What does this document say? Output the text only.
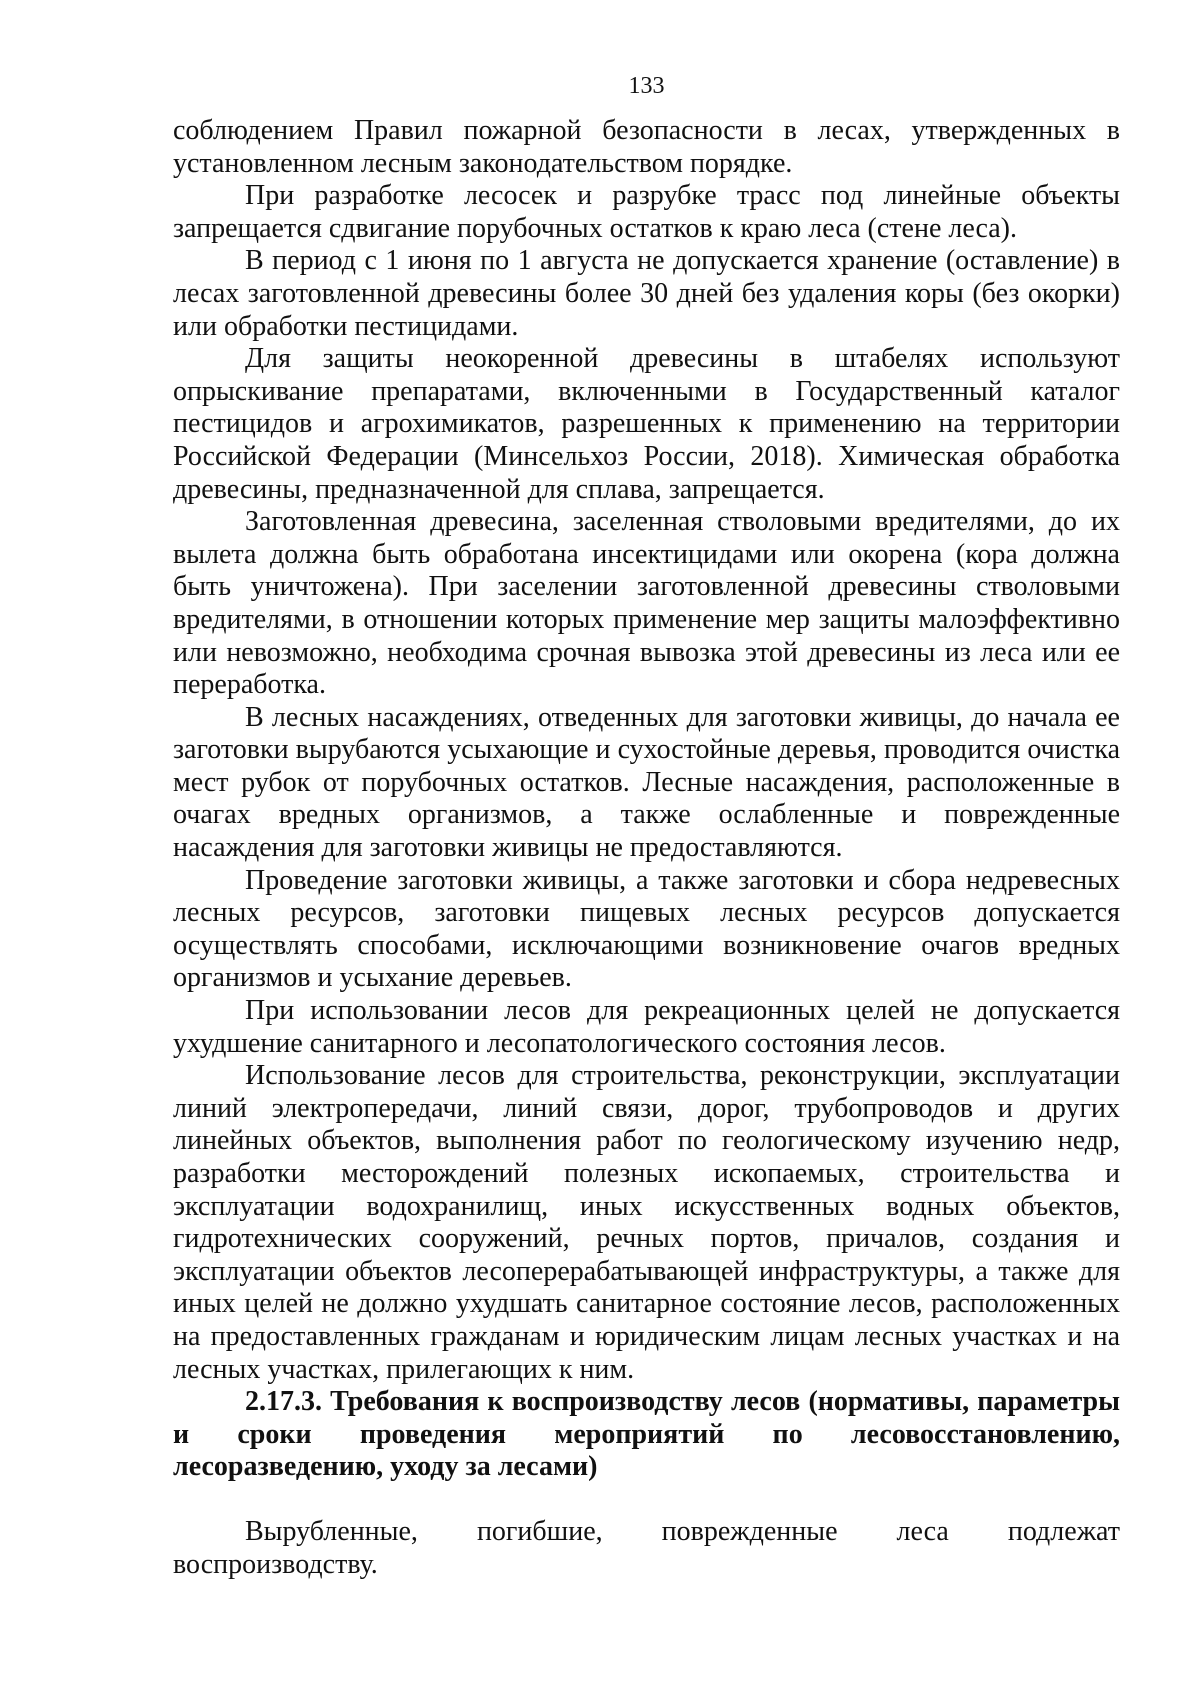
133

соблюдением Правил пожарной безопасности в лесах, утвержденных в установленном лесным законодательством порядке.

При разработке лесосек и разрубке трасс под линейные объекты запрещается сдвигание порубочных остатков к краю леса (стене леса).

В период с 1 июня по 1 августа не допускается хранение (оставление) в лесах заготовленной древесины более 30 дней без удаления коры (без окорки) или обработки пестицидами.

Для защиты неокоренной древесины в штабелях используют опрыскивание препаратами, включенными в Государственный каталог пестицидов и агрохимикатов, разрешенных к применению на территории Российской Федерации (Минсельхоз России, 2018). Химическая обработка древесины, предназначенной для сплава, запрещается.

Заготовленная древесина, заселенная стволовыми вредителями, до их вылета должна быть обработана инсектицидами или окорена (кора должна быть уничтожена). При заселении заготовленной древесины стволовыми вредителями, в отношении которых применение мер защиты малоэффективно или невозможно, необходима срочная вывозка этой древесины из леса или ее переработка.

В лесных насаждениях, отведенных для заготовки живицы, до начала ее заготовки вырубаются усыхающие и сухостойные деревья, проводится очистка мест рубок от порубочных остатков. Лесные насаждения, расположенные в очагах вредных организмов, а также ослабленные и поврежденные насаждения для заготовки живицы не предоставляются.

Проведение заготовки живицы, а также заготовки и сбора недревесных лесных ресурсов, заготовки пищевых лесных ресурсов допускается осуществлять способами, исключающими возникновение очагов вредных организмов и усыхание деревьев.

При использовании лесов для рекреационных целей не допускается ухудшение санитарного и лесопатологического состояния лесов.

Использование лесов для строительства, реконструкции, эксплуатации линий электропередачи, линий связи, дорог, трубопроводов и других линейных объектов, выполнения работ по геологическому изучению недр, разработки месторождений полезных ископаемых, строительства и эксплуатации водохранилищ, иных искусственных водных объектов, гидротехнических сооружений, речных портов, причалов, создания и эксплуатации объектов лесоперерабатывающей инфраструктуры, а также для иных целей не должно ухудшать санитарное состояние лесов, расположенных на предоставленных гражданам и юридическим лицам лесных участках и на лесных участках, прилегающих к ним.

2.17.3. Требования к воспроизводству лесов (нормативы, параметры и сроки проведения мероприятий по лесовосстановлению, лесоразведению, уходу за лесами)

Вырубленные, погибшие, поврежденные леса подлежат воспроизводству.
